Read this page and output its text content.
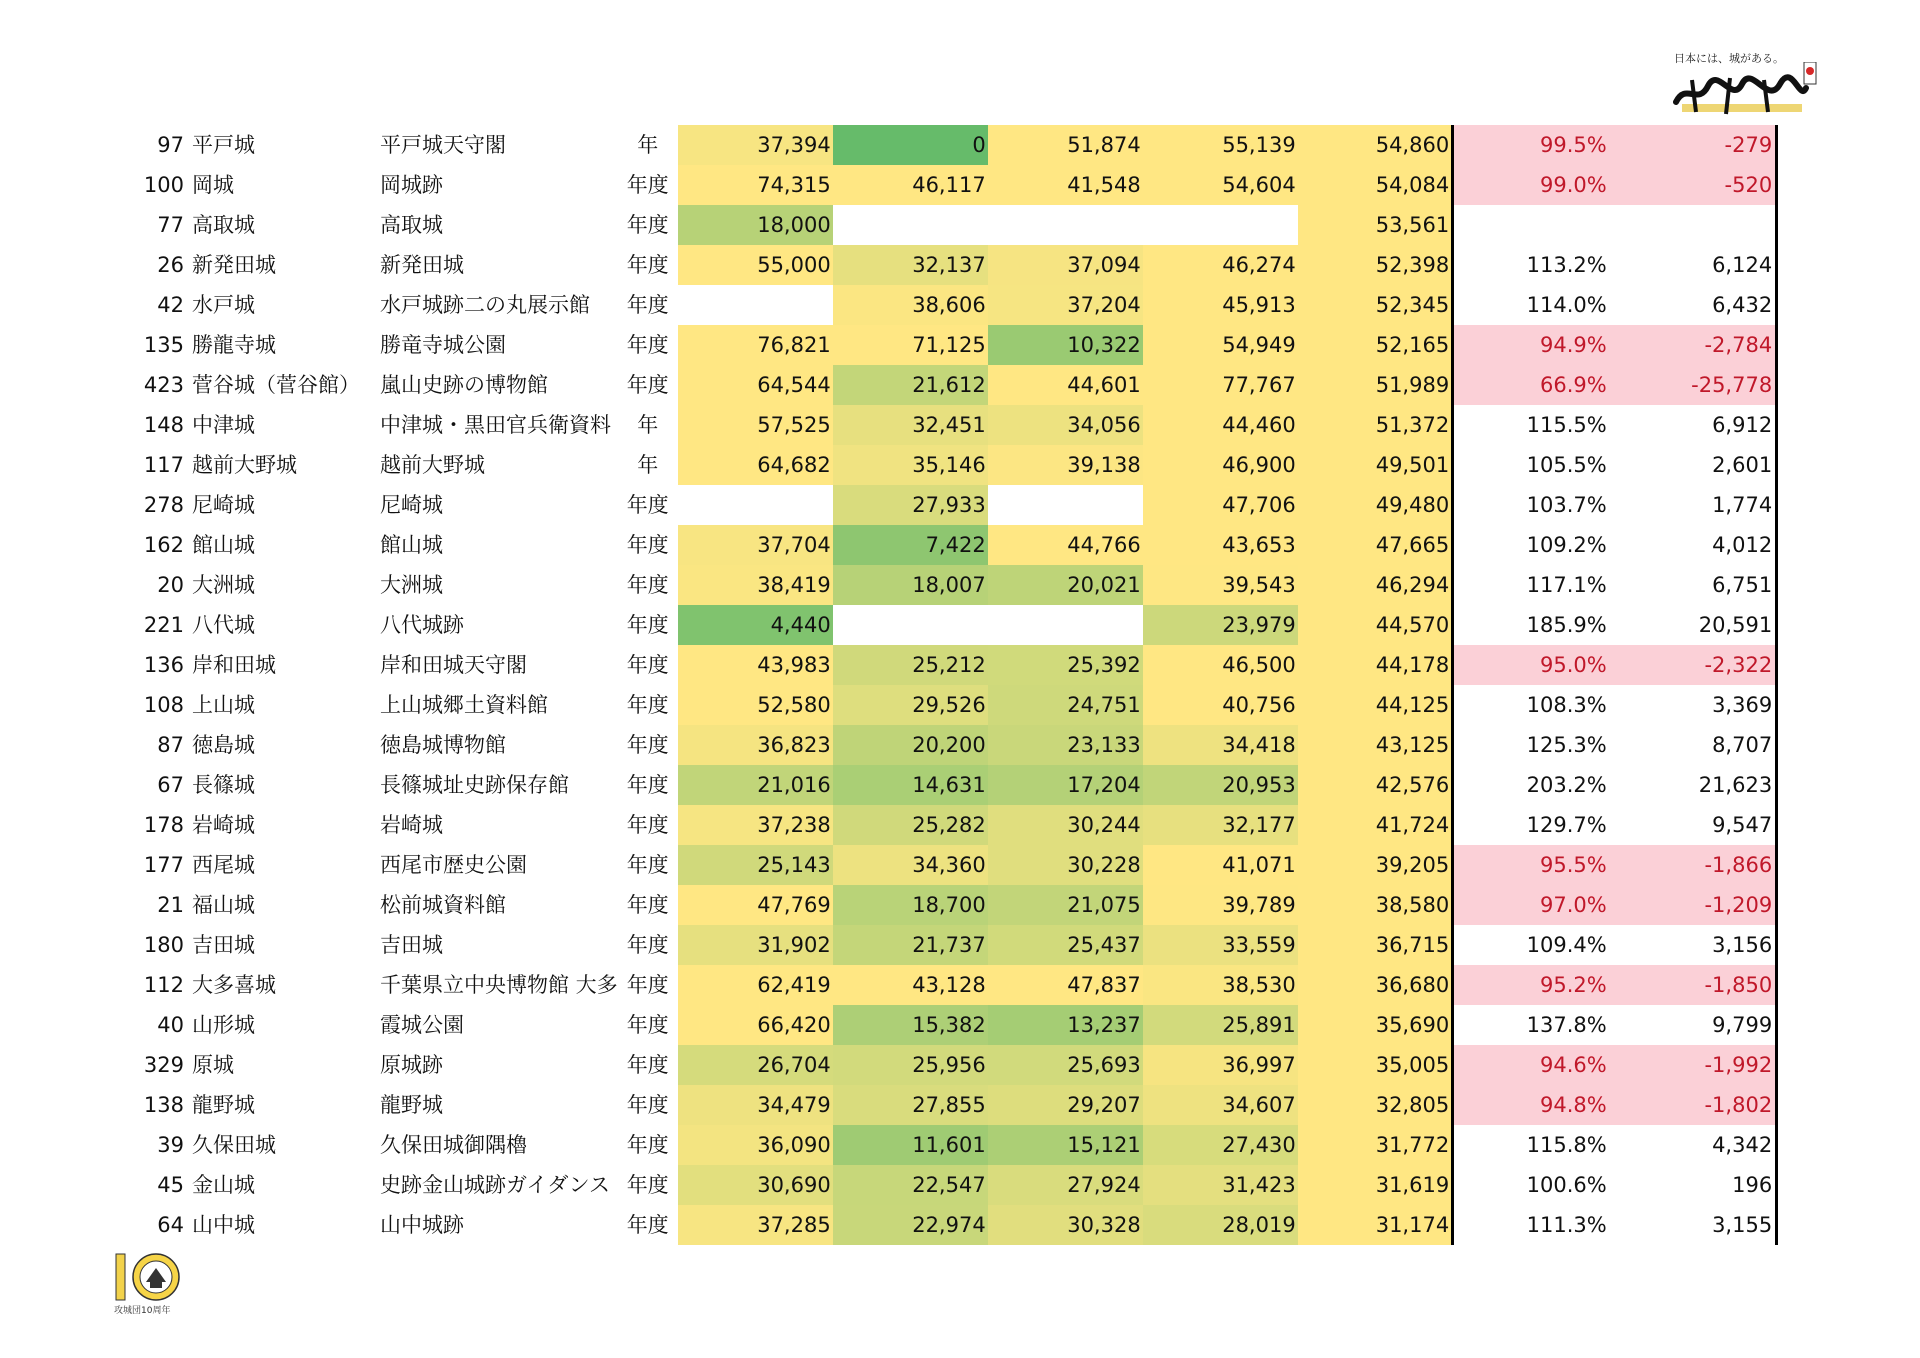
日本には、城がある。
97	平戸城	平戸城天守閣	年	37,394	0	51,874	55,139	54,860	99.5%	-279
100	岡城	岡城跡	年度	74,315	46,117	41,548	54,604	54,084	99.0%	-520
77	高取城	高取城	年度	18,000				53,561		
26	新発田城	新発田城	年度	55,000	32,137	37,094	46,274	52,398	113.2%	6,124
42	水戸城	水戸城跡二の丸展示館	年度		38,606	37,204	45,913	52,345	114.0%	6,432
135	勝龍寺城	勝竜寺城公園	年度	76,821	71,125	10,322	54,949	52,165	94.9%	-2,784
423	菅谷城（菅谷館）	嵐山史跡の博物館	年度	64,544	21,612	44,601	77,767	51,989	66.9%	-25,778
148	中津城	中津城・黒田官兵衛資料	年	57,525	32,451	34,056	44,460	51,372	115.5%	6,912
117	越前大野城	越前大野城	年	64,682	35,146	39,138	46,900	49,501	105.5%	2,601
278	尼崎城	尼崎城	年度		27,933		47,706	49,480	103.7%	1,774
162	館山城	館山城	年度	37,704	7,422	44,766	43,653	47,665	109.2%	4,012
20	大洲城	大洲城	年度	38,419	18,007	20,021	39,543	46,294	117.1%	6,751
221	八代城	八代城跡	年度	4,440			23,979	44,570	185.9%	20,591
136	岸和田城	岸和田城天守閣	年度	43,983	25,212	25,392	46,500	44,178	95.0%	-2,322
108	上山城	上山城郷土資料館	年度	52,580	29,526	24,751	40,756	44,125	108.3%	3,369
87	徳島城	徳島城博物館	年度	36,823	20,200	23,133	34,418	43,125	125.3%	8,707
67	長篠城	長篠城址史跡保存館	年度	21,016	14,631	17,204	20,953	42,576	203.2%	21,623
178	岩崎城	岩崎城	年度	37,238	25,282	30,244	32,177	41,724	129.7%	9,547
177	西尾城	西尾市歴史公園	年度	25,143	34,360	30,228	41,071	39,205	95.5%	-1,866
21	福山城	松前城資料館	年度	47,769	18,700	21,075	39,789	38,580	97.0%	-1,209
180	吉田城	吉田城	年度	31,902	21,737	25,437	33,559	36,715	109.4%	3,156
112	大多喜城	千葉県立中央博物館 大多	年度	62,419	43,128	47,837	38,530	36,680	95.2%	-1,850
40	山形城	霞城公園	年度	66,420	15,382	13,237	25,891	35,690	137.8%	9,799
329	原城	原城跡	年度	26,704	25,956	25,693	36,997	35,005	94.6%	-1,992
138	龍野城	龍野城	年度	34,479	27,855	29,207	34,607	32,805	94.8%	-1,802
39	久保田城	久保田城御隅櫓	年度	36,090	11,601	15,121	27,430	31,772	115.8%	4,342
45	金山城	史跡金山城跡ガイダンス	年度	30,690	22,547	27,924	31,423	31,619	100.6%	196
64	山中城	山中城跡	年度	37,285	22,974	30,328	28,019	31,174	111.3%	3,155
攻城団10周年
